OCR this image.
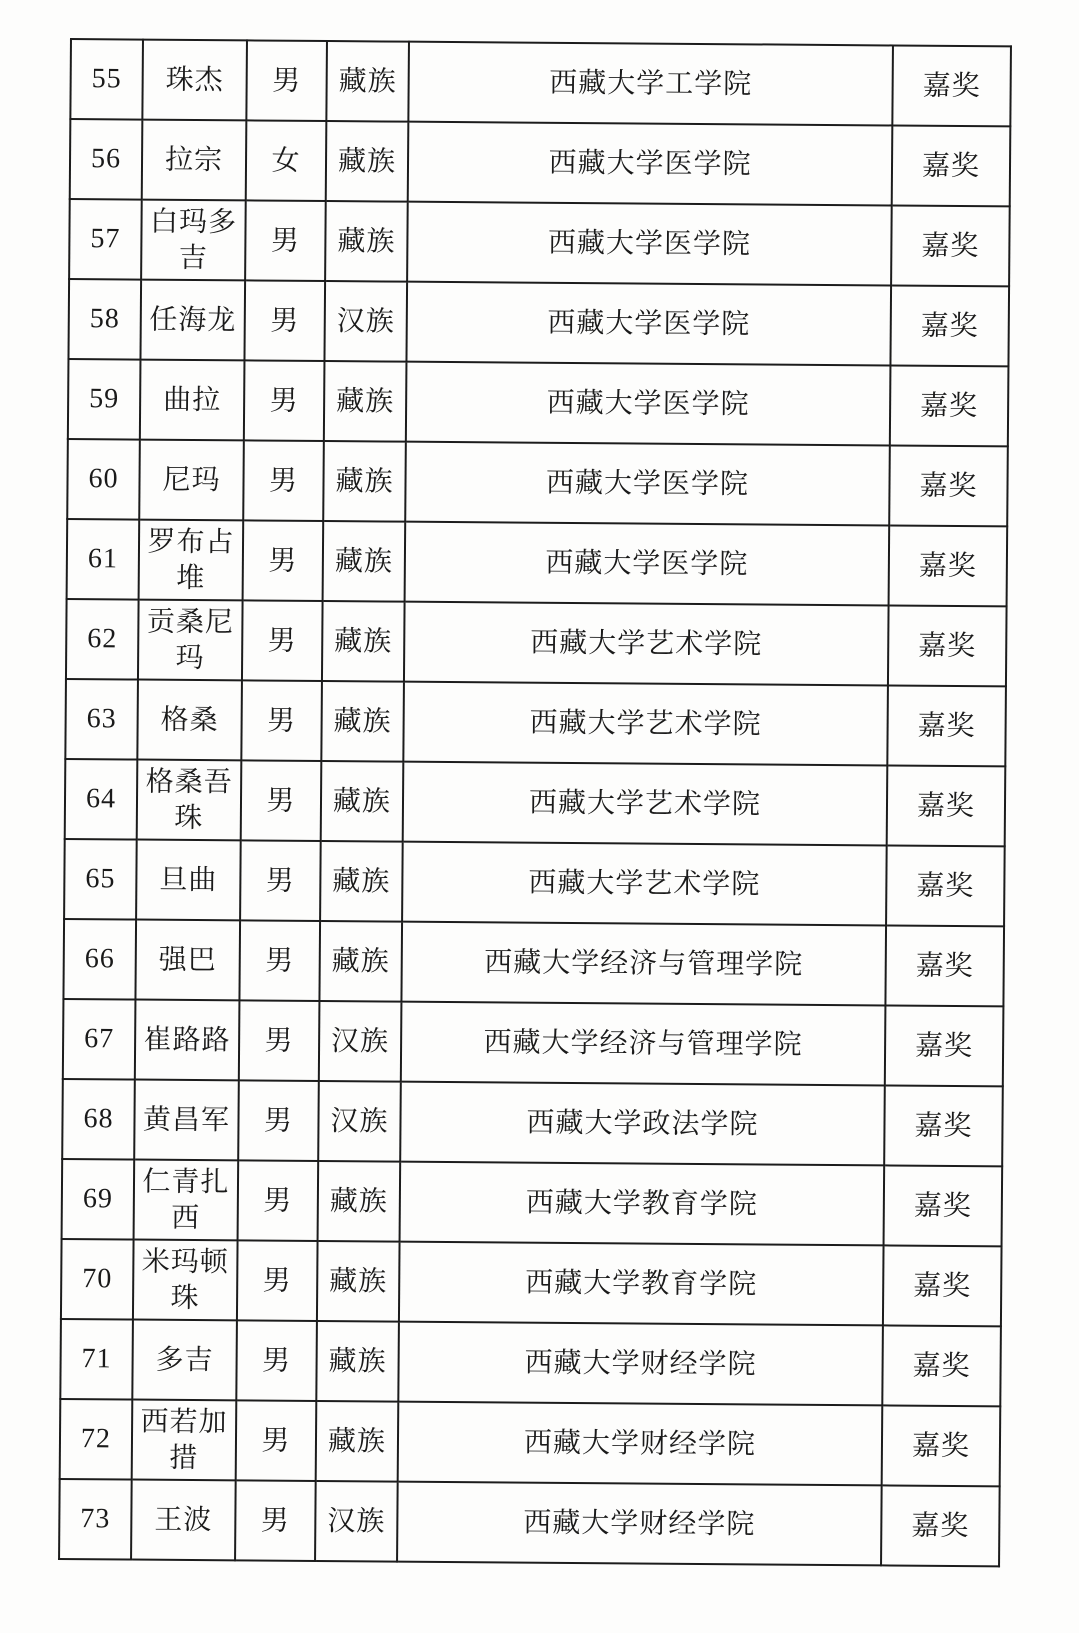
55	珠杰	男	藏族	西藏大学工学院	嘉奖
56	拉宗	女	藏族	西藏大学医学院	嘉奖
57	白玛多吉	男	藏族	西藏大学医学院	嘉奖
58	任海龙	男	汉族	西藏大学医学院	嘉奖
59	曲拉	男	藏族	西藏大学医学院	嘉奖
60	尼玛	男	藏族	西藏大学医学院	嘉奖
61	罗布占堆	男	藏族	西藏大学医学院	嘉奖
62	贡桑尼玛	男	藏族	西藏大学艺术学院	嘉奖
63	格桑	男	藏族	西藏大学艺术学院	嘉奖
64	格桑吾珠	男	藏族	西藏大学艺术学院	嘉奖
65	旦曲	男	藏族	西藏大学艺术学院	嘉奖
66	强巴	男	藏族	西藏大学经济与管理学院	嘉奖
67	崔路路	男	汉族	西藏大学经济与管理学院	嘉奖
68	黄昌军	男	汉族	西藏大学政法学院	嘉奖
69	仁青扎西	男	藏族	西藏大学教育学院	嘉奖
70	米玛顿珠	男	藏族	西藏大学教育学院	嘉奖
71	多吉	男	藏族	西藏大学财经学院	嘉奖
72	西若加措	男	藏族	西藏大学财经学院	嘉奖
73	王波	男	汉族	西藏大学财经学院	嘉奖
